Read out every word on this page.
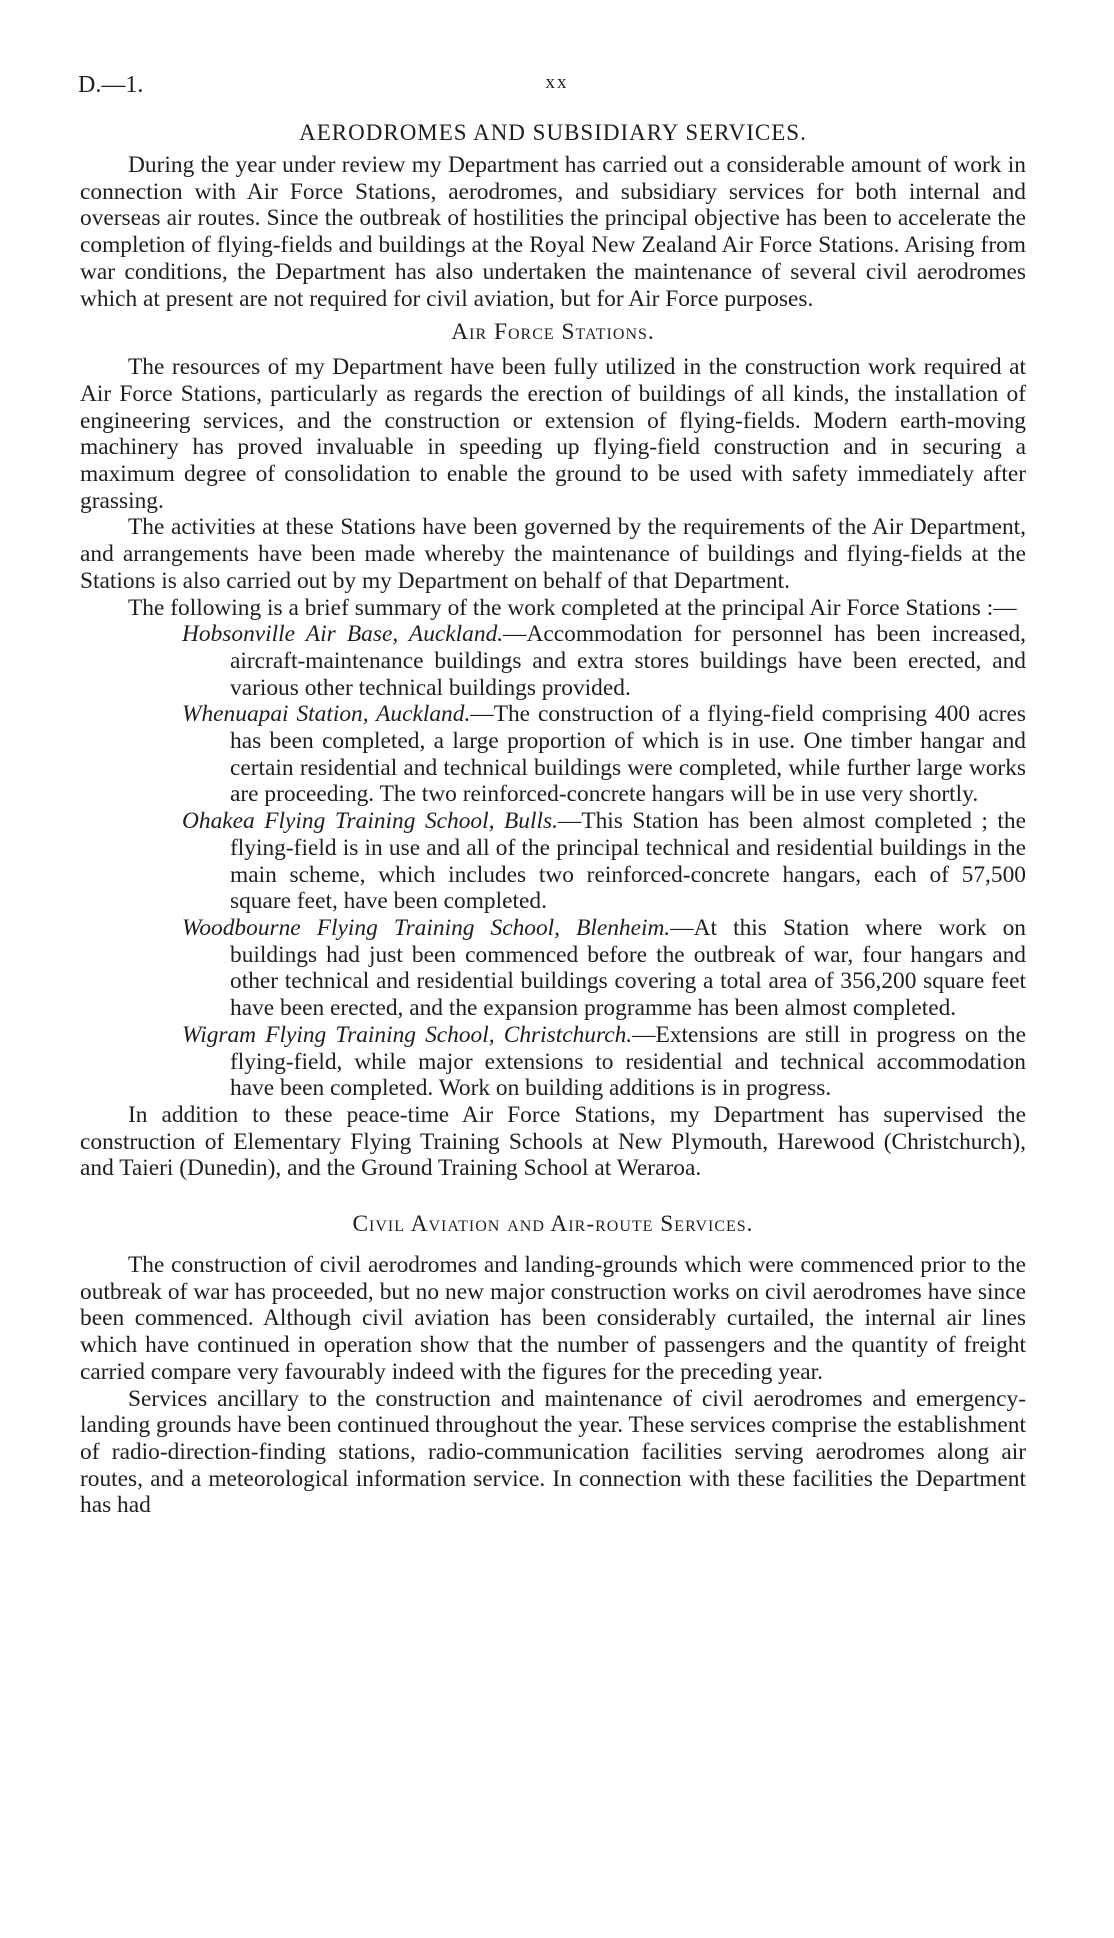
D.—1.	xx
AERODROMES AND SUBSIDIARY SERVICES.

During the year under review my Department has carried out a considerable amount of work in connection with Air Force Stations, aerodromes, and subsidiary services for both internal and overseas air routes. Since the outbreak of hostilities the principal objective has been to accelerate the completion of flying-fields and buildings at the Royal New Zealand Air Force Stations. Arising from war conditions, the Department has also undertaken the maintenance of several civil aerodromes which at present are not required for civil aviation, but for Air Force purposes.

Air Force Stations.

The resources of my Department have been fully utilized in the construction work required at Air Force Stations, particularly as regards the erection of buildings of all kinds, the installation of engineering services, and the construction or extension of flying-fields. Modern earth-moving machinery has proved invaluable in speeding up flying-field construction and in securing a maximum degree of consolidation to enable the ground to be used with safety immediately after grassing.

The activities at these Stations have been governed by the requirements of the Air Department, and arrangements have been made whereby the maintenance of buildings and flying-fields at the Stations is also carried out by my Department on behalf of that Department.

The following is a brief summary of the work completed at the principal Air Force Stations :—

Hobsonville Air Base, Auckland.—Accommodation for personnel has been increased, aircraft-maintenance buildings and extra stores buildings have been erected, and various other technical buildings provided.

Whenuapai Station, Auckland.—The construction of a flying-field comprising 400 acres has been completed, a large proportion of which is in use. One timber hangar and certain residential and technical buildings were completed, while further large works are proceeding. The two reinforced-concrete hangars will be in use very shortly.

Ohakea Flying Training School, Bulls.—This Station has been almost completed ; the flying-field is in use and all of the principal technical and residential buildings in the main scheme, which includes two reinforced-concrete hangars, each of 57,500 square feet, have been completed.

Woodbourne Flying Training School, Blenheim.—At this Station where work on buildings had just been commenced before the outbreak of war, four hangars and other technical and residential buildings covering a total area of 356,200 square feet have been erected, and the expansion programme has been almost completed.

Wigram Flying Training School, Christchurch.—Extensions are still in progress on the flying-field, while major extensions to residential and technical accommodation have been completed. Work on building additions is in progress.

In addition to these peace-time Air Force Stations, my Department has supervised the construction of Elementary Flying Training Schools at New Plymouth, Harewood (Christchurch), and Taieri (Dunedin), and the Ground Training School at Weraroa.

Civil Aviation and Air-route Services.

The construction of civil aerodromes and landing-grounds which were commenced prior to the outbreak of war has proceeded, but no new major construction works on civil aerodromes have since been commenced. Although civil aviation has been considerably curtailed, the internal air lines which have continued in operation show that the number of passengers and the quantity of freight carried compare very favourably indeed with the figures for the preceding year.

Services ancillary to the construction and maintenance of civil aerodromes and emergency-landing grounds have been continued throughout the year. These services comprise the establishment of radio-direction-finding stations, radio-communication facilities serving aerodromes along air routes, and a meteorological information service. In connection with these facilities the Department has had
